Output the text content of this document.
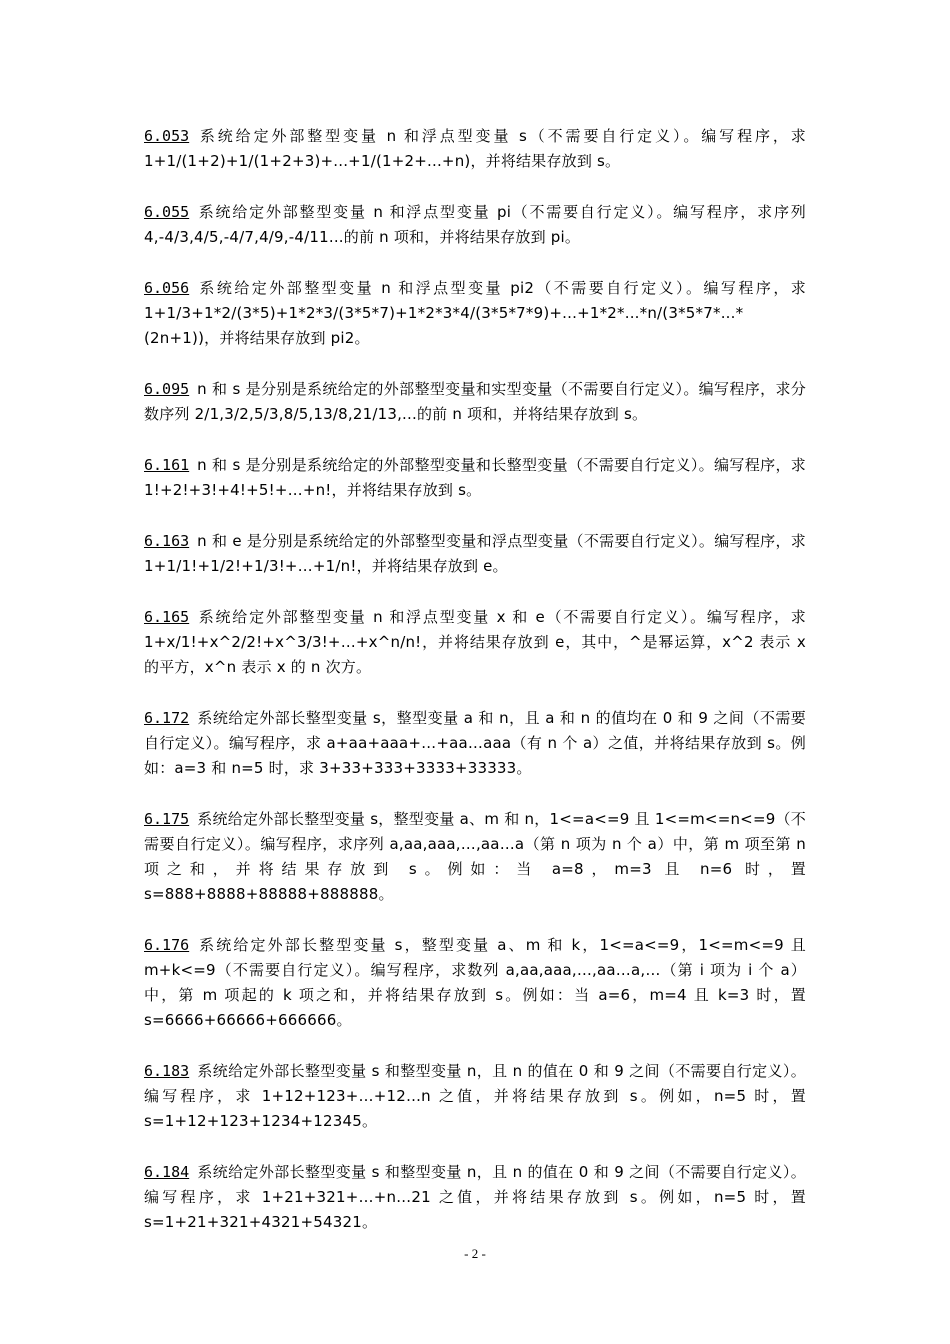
6.053 系统给定外部整型变量 n 和浮点型变量 s（不需要自行定义）。编写程序，求 1+1/(1+2)+1/(1+2+3)+...+1/(1+2+...+n)，并将结果存放到 s。

6.055 系统给定外部整型变量 n 和浮点型变量 pi（不需要自行定义）。编写程序，求序列 4,-4/3,4/5,-4/7,4/9,-4/11...的前 n 项和，并将结果存放到 pi。

6.056 系统给定外部整型变量 n 和浮点型变量 pi2（不需要自行定义）。编写程序，求 1+1/3+1*2/(3*5)+1*2*3/(3*5*7)+1*2*3*4/(3*5*7*9)+...+1*2*...*n/(3*5*7*...*(2n+1))，并将结果存放到 pi2。

6.095 n 和 s 是分别是系统给定的外部整型变量和实型变量（不需要自行定义）。编写程序，求分数序列 2/1,3/2,5/3,8/5,13/8,21/13,...的前 n 项和，并将结果存放到 s。

6.161 n 和 s 是分别是系统给定的外部整型变量和长整型变量（不需要自行定义）。编写程序，求 1!+2!+3!+4!+5!+…+n!，并将结果存放到 s。

6.163 n 和 e 是分别是系统给定的外部整型变量和浮点型变量（不需要自行定义）。编写程序，求 1+1/1!+1/2!+1/3!+…+1/n!，并将结果存放到 e。

6.165 系统给定外部整型变量 n 和浮点型变量 x 和 e（不需要自行定义）。编写程序，求 1+x/1!+x^2/2!+x^3/3!+…+x^n/n!，并将结果存放到 e，其中，^是幂运算，x^2 表示 x 的平方，x^n 表示 x 的 n 次方。

6.172 系统给定外部长整型变量 s，整型变量 a 和 n，且 a 和 n 的值均在 0 和 9 之间（不需要自行定义）。编写程序，求 a+aa+aaa+…+aa…aaa（有 n 个 a）之值，并将结果存放到 s。例如：a=3 和 n=5 时，求 3+33+333+3333+33333。

6.175 系统给定外部长整型变量 s，整型变量 a、m 和 n，1<=a<=9 且 1<=m<=n<=9（不需要自行定义）。编写程序，求序列 a,aa,aaa,…,aa…a（第 n 项为 n 个 a）中，第 m 项至第 n 项之和，并将结果存放到 s。例如：当 a=8，m=3 且 n=6 时，置 s=888+8888+88888+888888。

6.176 系统给定外部长整型变量 s，整型变量 a、m 和 k，1<=a<=9，1<=m<=9 且 m+k<=9（不需要自行定义）。编写程序，求数列 a,aa,aaa,…,aa…a,…（第 i 项为 i 个 a）中，第 m 项起的 k 项之和，并将结果存放到 s。例如：当 a=6，m=4 且 k=3 时，置 s=6666+66666+666666。

6.183 系统给定外部长整型变量 s 和整型变量 n，且 n 的值在 0 和 9 之间（不需要自行定义）。编写程序，求 1+12+123+…+12…n 之值，并将结果存放到 s。例如，n=5 时，置 s=1+12+123+1234+12345。

6.184 系统给定外部长整型变量 s 和整型变量 n，且 n 的值在 0 和 9 之间（不需要自行定义）。编写程序，求 1+21+321+…+n…21 之值，并将结果存放到 s。例如，n=5 时，置 s=1+21+321+4321+54321。

- 2 -
